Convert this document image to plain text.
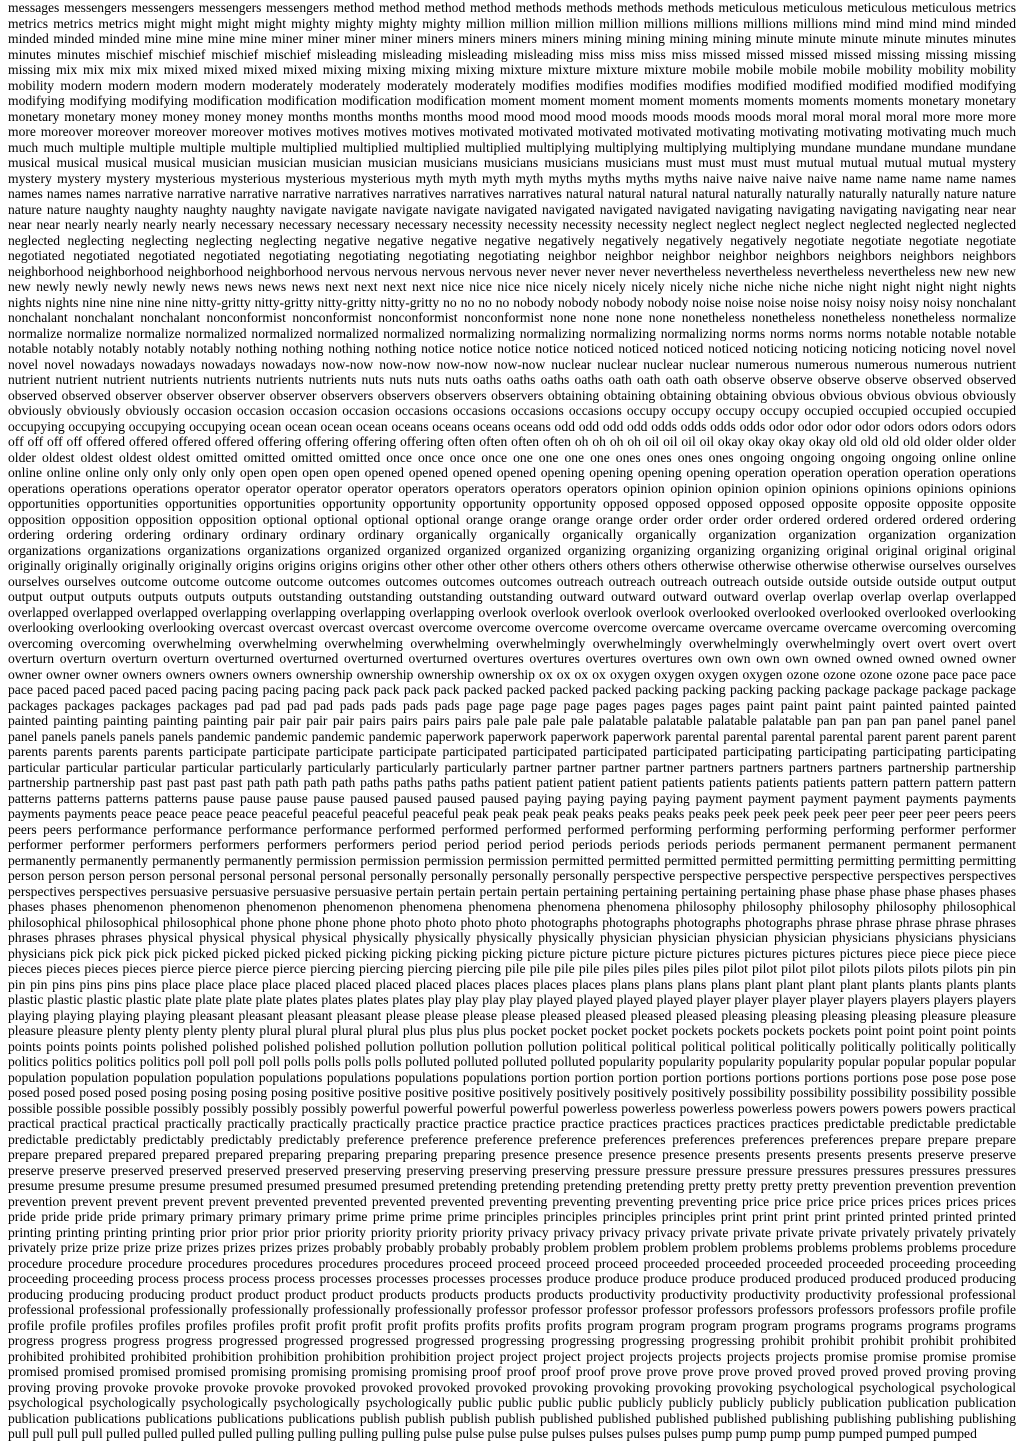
messages messengers messengers messengers messengers method method method method methods methods methods methods meticulous meticulous meticulous meticulous metrics
metrics metrics metrics might might might might mighty mighty mighty mighty million million million million millions millions millions millions mind mind mind mind minded
minded minded minded mine mine mine mine miner miner miner miner miners miners miners miners mining mining mining mining minute minute minute minute minutes minutes
minutes minutes mischief mischief mischief mischief misleading misleading misleading misleading miss miss miss miss missed missed missed missed missing missing missing
missing mix mix mix mix mixed mixed mixed mixed mixing mixing mixing mixing mixture mixture mixture mixture mobile mobile mobile mobile mobility mobility mobility
mobility modern modern modern modern moderately moderately moderately moderately modifies modifies modifies modifies modified modified modified modified modifying
modifying modifying modifying modification modification modification modification moment moment moment moment moments moments moments moments monetary monetary
monetary monetary money money money money months months months months mood mood mood mood moods moods moods moods moral moral moral moral more more more
more moreover moreover moreover moreover motives motives motives motives motivated motivated motivated motivated motivating motivating motivating motivating much much
much much multiple multiple multiple multiple multiplied multiplied multiplied multiplied multiplying multiplying multiplying multiplying mundane mundane mundane mundane
musical musical musical musical musician musician musician musician musicians musicians musicians musicians must must must must mutual mutual mutual mutual mystery
mystery mystery mystery mysterious mysterious mysterious mysterious myth myth myth myth myths myths myths myths naive naive naive naive name name name name names
names names names narrative narrative narrative narrative narratives narratives narratives narratives natural natural natural natural naturally naturally naturally naturally nature nature
nature nature naughty naughty naughty naughty navigate navigate navigate navigate navigated navigated navigated navigated navigating navigating navigating navigating near near
near near nearly nearly nearly nearly necessary necessary necessary necessary necessity necessity necessity necessity neglect neglect neglect neglect neglected neglected neglected
neglected neglecting neglecting neglecting neglecting negative negative negative negative negatively negatively negatively negatively negotiate negotiate negotiate negotiate
negotiated negotiated negotiated negotiated negotiating negotiating negotiating negotiating neighbor neighbor neighbor neighbor neighbors neighbors neighbors neighbors
neighborhood neighborhood neighborhood neighborhood nervous nervous nervous nervous never never never never nevertheless nevertheless nevertheless nevertheless new new new
new newly newly newly newly news news news news next next next next nice nice nice nice nicely nicely nicely nicely niche niche niche niche night night night night nights
nights nights nine nine nine nine nitty-gritty nitty-gritty nitty-gritty nitty-gritty no no no no nobody nobody nobody nobody noise noise noise noise noisy noisy noisy noisy nonchalant
nonchalant nonchalant nonchalant nonconformist nonconformist nonconformist nonconformist none none none none nonetheless nonetheless nonetheless nonetheless normalize
normalize normalize normalize normalized normalized normalized normalized normalizing normalizing normalizing normalizing norms norms norms norms notable notable notable
notable notably notably notably notably nothing nothing nothing nothing notice notice notice notice noticed noticed noticed noticed noticing noticing noticing noticing novel novel
novel novel nowadays nowadays nowadays nowadays now-now now-now now-now now-now nuclear nuclear nuclear nuclear numerous numerous numerous numerous nutrient
nutrient nutrient nutrient nutrients nutrients nutrients nutrients nuts nuts nuts nuts oaths oaths oaths oaths oath oath oath oath observe observe observe observe observed observed
observed observed observer observer observer observer observers observers observers observers obtaining obtaining obtaining obtaining obvious obvious obvious obvious obviously
obviously obviously obviously occasion occasion occasion occasion occasions occasions occasions occasions occupy occupy occupy occupy occupied occupied occupied occupied
occupying occupying occupying occupying ocean ocean ocean ocean oceans oceans oceans oceans odd odd odd odd odds odds odds odds odor odor odor odor odors odors odors odors
off off off off offered offered offered offered offering offering offering offering often often often often oh oh oh oh oil oil oil oil okay okay okay okay old old old old older older older
older oldest oldest oldest oldest omitted omitted omitted omitted once once once once one one one one ones ones ones ones ongoing ongoing ongoing ongoing online online
online online online only only only only open open open open opened opened opened opened opening opening opening opening operation operation operation operation operations
operations operations operations operator operator operator operator operators operators operators operators opinion opinion opinion opinion opinions opinions opinions opinions
opportunities opportunities opportunities opportunities opportunity opportunity opportunity opportunity opposed opposed opposed opposed opposite opposite opposite opposite
opposition opposition opposition opposition optional optional optional optional orange orange orange orange order order order order ordered ordered ordered ordered ordering
ordering ordering ordering ordinary ordinary ordinary ordinary organically organically organically organically organization organization organization organization
organizations organizations organizations organizations organized organized organized organized organizing organizing organizing organizing original original original original
originally originally originally originally origins origins origins origins other other other other others others others others otherwise otherwise otherwise otherwise ourselves ourselves
ourselves ourselves outcome outcome outcome outcome outcomes outcomes outcomes outcomes outreach outreach outreach outreach outside outside outside outside output output
output output outputs outputs outputs outputs outstanding outstanding outstanding outstanding outward outward outward outward overlap overlap overlap overlap overlapped
overlapped overlapped overlapped overlapping overlapping overlapping overlapping overlook overlook overlook overlook overlooked overlooked overlooked overlooked overlooking
overlooking overlooking overlooking overcast overcast overcast overcast overcome overcome overcome overcome overcame overcame overcame overcame overcoming overcoming
overcoming overcoming overwhelming overwhelming overwhelming overwhelming overwhelmingly overwhelmingly overwhelmingly overwhelmingly overt overt overt overt
overturn overturn overturn overturn overturned overturned overturned overturned overtures overtures overtures overtures own own own own owned owned owned owned owner
owner owner owner owners owners owners owners ownership ownership ownership ownership ox ox ox ox oxygen oxygen oxygen oxygen ozone ozone ozone ozone pace pace pace
pace paced paced paced paced pacing pacing pacing pacing pack pack pack pack packed packed packed packed packing packing packing packing package package package package
packages packages packages packages pad pad pad pad pads pads pads pads page page page page pages pages pages pages paint paint paint paint painted painted painted
painted painting painting painting painting pair pair pair pair pairs pairs pairs pairs pale pale pale pale palatable palatable palatable palatable pan pan pan pan panel panel panel
panel panels panels panels panels pandemic pandemic pandemic pandemic paperwork paperwork paperwork paperwork parental parental parental parental parent parent parent parent
parents parents parents parents participate participate participate participate participated participated participated participated participating participating participating participating
particular particular particular particular particularly particularly particularly particularly partner partner partner partner partners partners partners partners partnership partnership
partnership partnership past past past past path path path path paths paths paths paths patient patient patient patient patients patients patients patients pattern pattern pattern pattern
patterns patterns patterns patterns pause pause pause pause paused paused paused paused paying paying paying paying payment payment payment payment payments payments
payments payments peace peace peace peace peaceful peaceful peaceful peaceful peak peak peak peak peaks peaks peaks peaks peek peek peek peek peer peer peer peer peers peers
peers peers performance performance performance performance performed performed performed performed performing performing performing performing performer performer
performer performer performers performers performers performers period period period period periods periods periods periods permanent permanent permanent permanent
permanently permanently permanently permanently permission permission permission permission permitted permitted permitted permitted permitting permitting permitting permitting
person person person person personal personal personal personal personally personally personally personally perspective perspective perspective perspective perspectives perspectives
perspectives perspectives persuasive persuasive persuasive persuasive pertain pertain pertain pertain pertaining pertaining pertaining pertaining phase phase phase phase phases phases
phases phases phenomenon phenomenon phenomenon phenomenon phenomena phenomena phenomena phenomena philosophy philosophy philosophy philosophy philosophical
philosophical philosophical philosophical phone phone phone phone photo photo photo photo photographs photographs photographs photographs phrase phrase phrase phrase phrases
phrases phrases phrases physical physical physical physical physically physically physically physically physician physician physician physician physicians physicians physicians
physicians pick pick pick pick picked picked picked picked picking picking picking picking picture picture picture picture pictures pictures pictures pictures piece piece piece piece
pieces pieces pieces pieces pierce pierce pierce pierce piercing piercing piercing piercing pile pile pile pile piles piles piles piles pilot pilot pilot pilot pilots pilots pilots pilots pin pin
pin pin pins pins pins pins place place place place placed placed placed placed places places places places plans plans plans plans plant plant plant plant plants plants plants plants
plastic plastic plastic plastic plate plate plate plate plates plates plates plates play play play play played played played played player player player player players players players players
playing playing playing playing pleasant pleasant pleasant pleasant please please please please pleased pleased pleased pleased pleasing pleasing pleasing pleasing pleasure pleasure
pleasure pleasure plenty plenty plenty plenty plural plural plural plural plus plus plus plus pocket pocket pocket pocket pockets pockets pockets pockets point point point point points
points points points points polished polished polished polished pollution pollution pollution pollution political political political political politically politically politically politically
politics politics politics politics poll poll poll poll polls polls polls polls polluted polluted polluted polluted popularity popularity popularity popularity popular popular popular popular
population population population population populations populations populations populations portion portion portion portion portions portions portions portions pose pose pose pose
posed posed posed posed posing posing posing posing positive positive positive positive positively positively positively positively possibility possibility possibility possibility possible
possible possible possible possibly possibly possibly possibly powerful powerful powerful powerful powerless powerless powerless powerless powers powers powers powers practical
practical practical practical practically practically practically practically practice practice practice practice practices practices practices practices predictable predictable predictable
predictable predictably predictably predictably predictably preference preference preference preference preferences preferences preferences preferences prepare prepare prepare
prepare prepared prepared prepared prepared preparing preparing preparing preparing presence presence presence presence presents presents presents presents preserve preserve
preserve preserve preserved preserved preserved preserved preserving preserving preserving preserving pressure pressure pressure pressure pressures pressures pressures pressures
presume presume presume presume presumed presumed presumed presumed pretending pretending pretending pretending pretty pretty pretty pretty prevention prevention prevention
prevention prevent prevent prevent prevent prevented prevented prevented prevented preventing preventing preventing preventing price price price price prices prices prices prices
pride pride pride pride primary primary primary primary prime prime prime prime principles principles principles principles print print print print printed printed printed printed
printing printing printing printing prior prior prior prior priority priority priority priority privacy privacy privacy privacy private private private private privately privately privately
privately prize prize prize prize prizes prizes prizes prizes probably probably probably probably problem problem problem problem problems problems problems problems procedure
procedure procedure procedure procedures procedures procedures procedures proceed proceed proceed proceed proceeded proceeded proceeded proceeded proceeding proceeding
proceeding proceeding process process process process processes processes processes processes produce produce produce produce produced produced produced produced producing
producing producing producing product product product product products products products products productivity productivity productivity productivity professional professional
professional professional professionally professionally professionally professionally professor professor professor professor professors professors professors professors profile profile
profile profile profiles profiles profiles profiles profit profit profit profit profits profits profits profits program program program program programs programs programs programs
progress progress progress progress progressed progressed progressed progressed progressing progressing progressing progressing prohibit prohibit prohibit prohibit prohibited
prohibited prohibited prohibited prohibition prohibition prohibition prohibition project project project project projects projects projects projects promise promise promise promise
promised promised promised promised promising promising promising promising proof proof proof proof prove prove prove prove proved proved proved proved proving proving
proving proving provoke provoke provoke provoke provoked provoked provoked provoked provoking provoking provoking provoking psychological psychological psychological
psychological psychologically psychologically psychologically psychologically public public public public publicly publicly publicly publicly publication publication publication
publication publications publications publications publications publish publish publish publish published published published published publishing publishing publishing publishing
pull pull pull pull pulled pulled pulled pulled pulling pulling pulling pulling pulse pulse pulse pulse pulses pulses pulses pulses pump pump pump pump pumped pumped pumped
